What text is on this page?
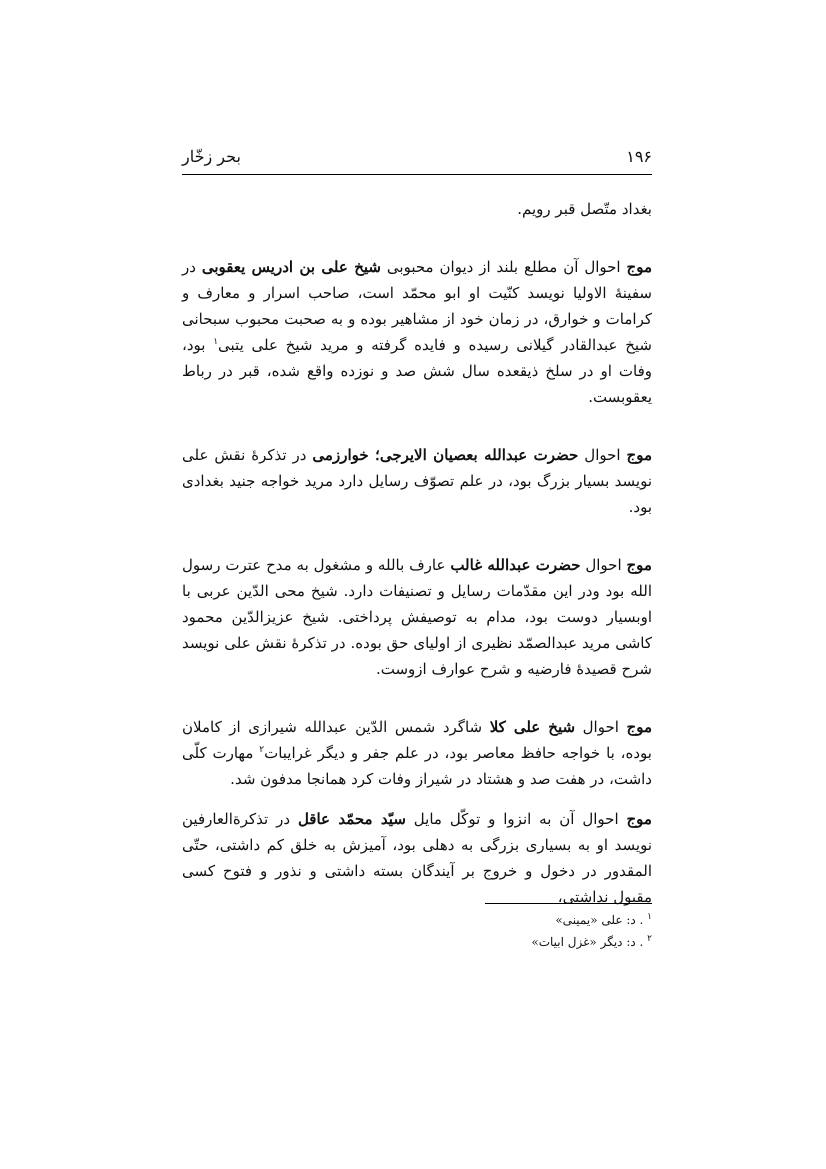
۱۹۶
بحر زخّار

بغداد متّصل قبر رویم.

موج احوال آن مطلع بلند از دیوان محبوبی شیخ علی بن ادریس یعقوبی در سفینهٔ الاولیا نویسد کنّیت او ابو محمّد است، صاحب اسرار و معارف و کرامات و خوارق، در زمان خود از مشاهیر بوده و به صحبت محبوب سبحانی شیخ عبدالقادر گیلانی رسیده و فایده گرفته و مرید شیخ علی یتبی$^۱$ بود، وفات او در سلخ ذیقعده سال شش صد و نوزده واقع شده، قبر در رباط یعقوبست.

موج احوال حضرت عبدالله بعصیان الایرجی؛ خوارزمی در تذکرهٔ نقش علی نویسد بسیار بزرگ بود، در علم تصوّف رسایل دارد مرید خواجه جنید بغدادی بود.

موج احوال حضرت عبدالله غالب عارف بالله و مشغول به مدح عترت رسول الله بود ودر این مقدّمات رسایل و تصنیفات دارد. شیخ محی الدّین عربی با اوبسیار دوست بود، مدام به توصیفش پرداختی. شیخ عزیزالدّین محمود کاشی مرید عبدالصمّد نظیری از اولیای حق بوده. در تذکرهٔ نقش علی نویسد شرح قصیدهٔ فارضیه و شرح عوارف ازوست.

موج احوال شیخ علی کلا شاگرد شمس الدّین عبدالله شیرازی از کاملان بوده، با خواجه حافظ معاصر بود، در علم جفر و دیگر غرایبات$^۲$ مهارت کلّی داشت، در هفت صد و هشتاد در شیراز وفات کرد همانجا مدفون شد.

موج احوال آن به انزوا و توکّل مایل سیّد محمّد عاقل در تذکرةالعارفین نویسد او به بسیاری بزرگی به دهلی بود، آمیزش به خلق کم داشتی، حتّی المقدور در دخول و خروج بر آیندگان بسته داشتی و نذور و فتوح کسی مقبول نداشتی،

$^۱$ . د: علی «یمینی»

$^۲$ . د: دیگر «غزل ابیات»
